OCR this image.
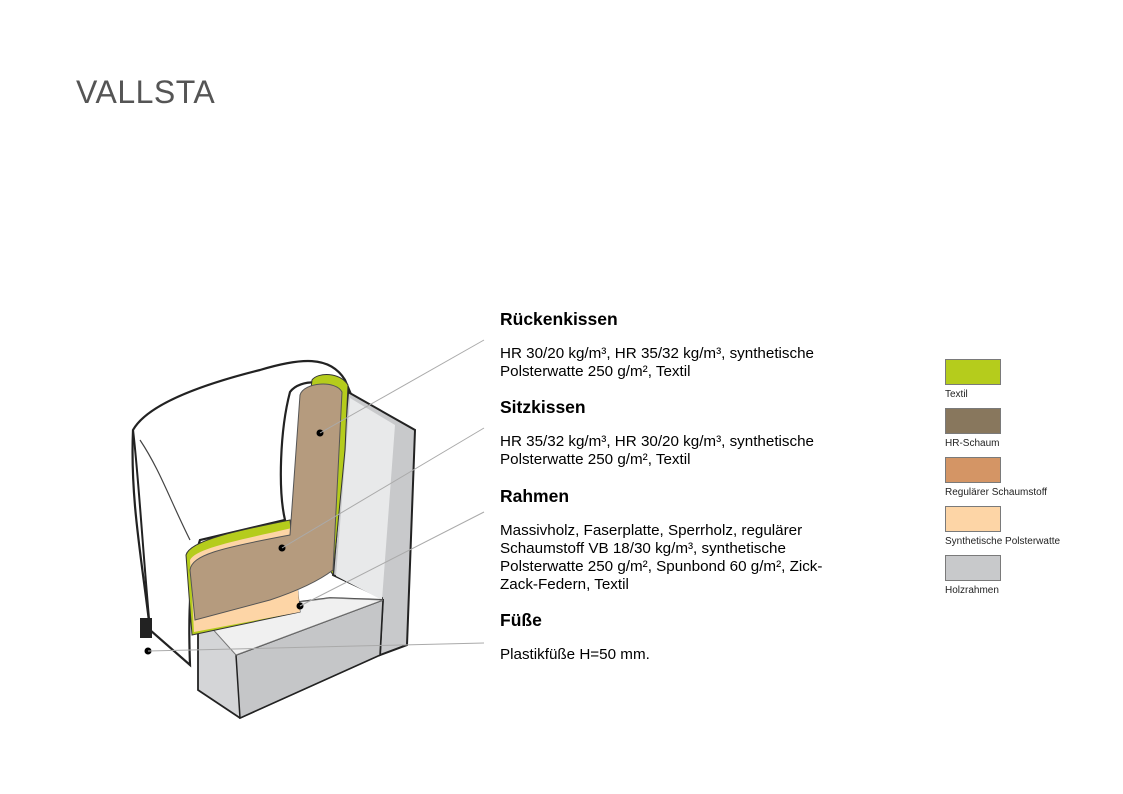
VALLSTA
Rückenkissen

HR 30/20 kg/m³, HR 35/32 kg/m³, synthetische Polsterwatte 250 g/m², Textil

Sitzkissen

HR 35/32 kg/m³, HR 30/20 kg/m³, synthetische Polsterwatte 250 g/m², Textil

Rahmen

Massivholz, Faserplatte, Sperrholz, regulärer Schaumstoff VB 18/30 kg/m³, synthetische Polsterwatte 250 g/m², Spunbond 60 g/m², Zick-Zack-Federn, Textil

Füße

Plastikfüße H=50 mm.

Textil
HR-Schaum
Regulärer Schaumstoff
Synthetische Polsterwatte
Holzrahmen
